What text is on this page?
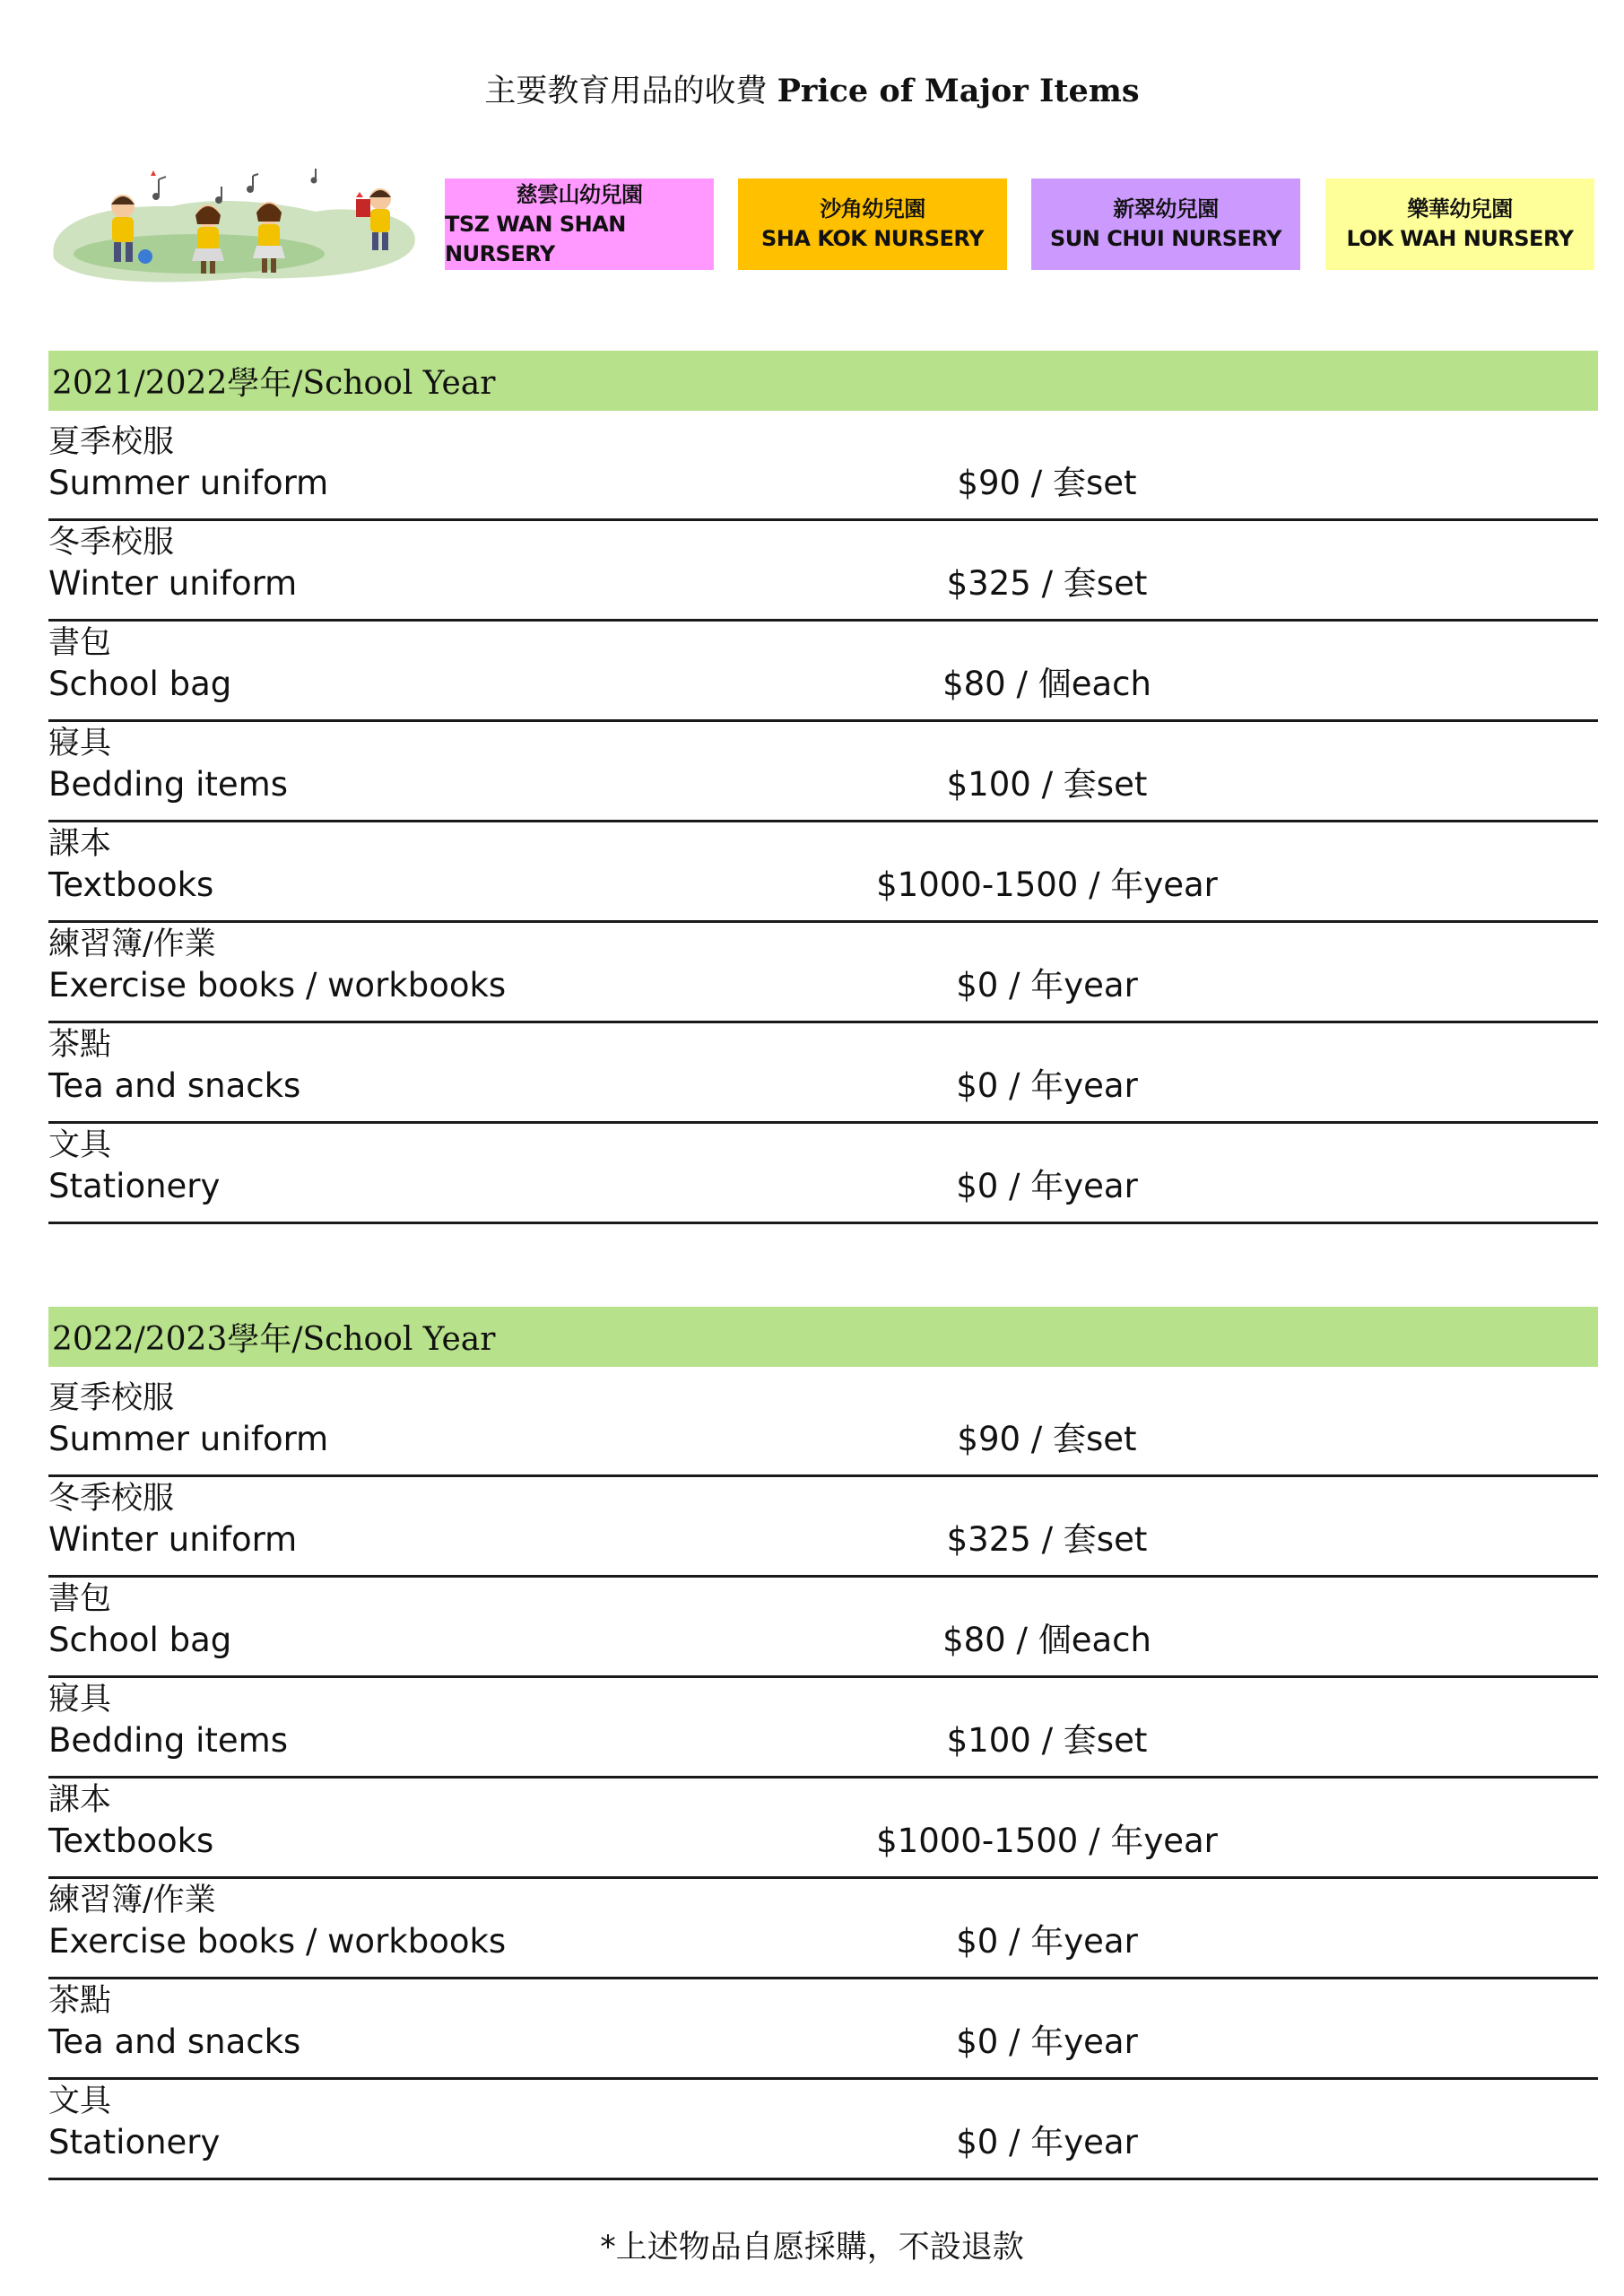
主要教育用品的收費 Price of Major Items
慈雲山幼兒園
TSZ WAN SHAN NURSERY
沙角幼兒園
SHA KOK NURSERY
新翠幼兒園
SUN CHUI NURSERY
樂華幼兒園
LOK WAH NURSERY
2021/2022學年/School Year
夏季校服
Summer uniform	$90 / 套set
冬季校服
Winter uniform	$325 / 套set
書包
School bag	$80 / 個each
寢具
Bedding items	$100 / 套set
課本
Textbooks	$1000-1500 / 年year
練習簿/作業
Exercise books / workbooks	$0 / 年year
茶點
Tea and snacks	$0 / 年year
文具
Stationery	$0 / 年year
2022/2023學年/School Year
夏季校服
Summer uniform	$90 / 套set
冬季校服
Winter uniform	$325 / 套set
書包
School bag	$80 / 個each
寢具
Bedding items	$100 / 套set
課本
Textbooks	$1000-1500 / 年year
練習簿/作業
Exercise books / workbooks	$0 / 年year
茶點
Tea and snacks	$0 / 年year
文具
Stationery	$0 / 年year
*上述物品自愿採購，不設退款
